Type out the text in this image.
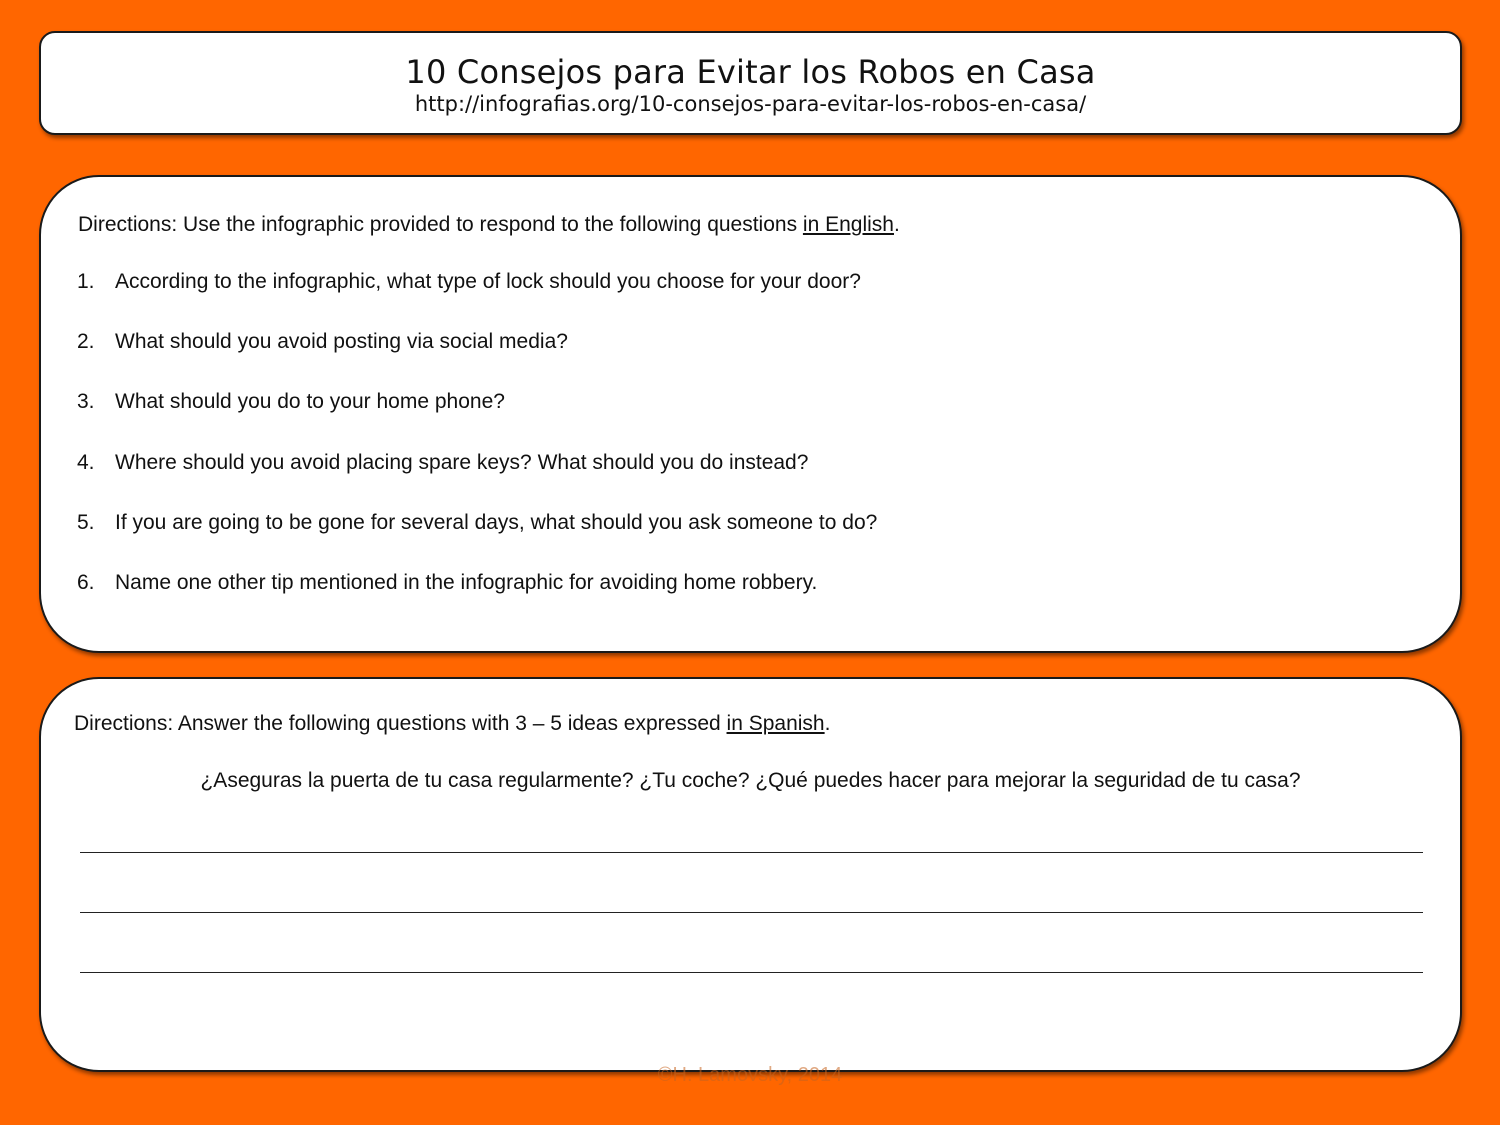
10 Consejos para Evitar los Robos en Casa
http://infografias.org/10-consejos-para-evitar-los-robos-en-casa/
Directions: Use the infographic provided to respond to the following questions in English.
1. According to the infographic, what type of lock should you choose for your door?
2. What should you avoid posting via social media?
3. What should you do to your home phone?
4. Where should you avoid placing spare keys? What should you do instead?
5. If you are going to be gone for several days, what should you ask someone to do?
6. Name one other tip mentioned in the infographic for avoiding home robbery.
Directions: Answer the following questions with 3 – 5 ideas expressed in Spanish.
¿Aseguras la puerta de tu casa regularmente? ¿Tu coche? ¿Qué puedes hacer para mejorar la seguridad de tu casa?
©H. Lamovsky, 2014
